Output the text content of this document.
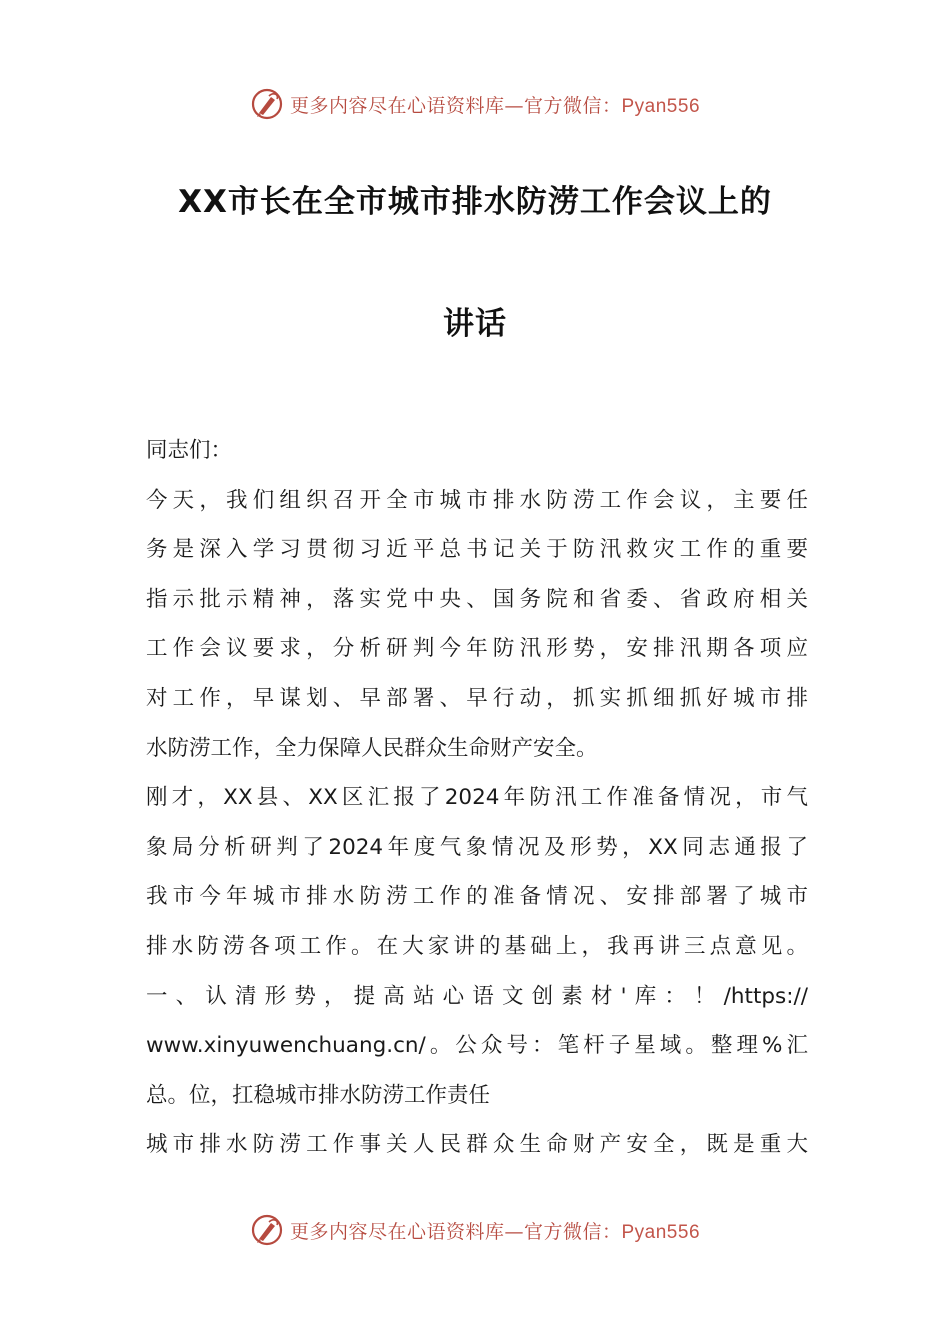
更多内容尽在心语资料库—官方微信：Pyan556
XX市长在全市城市排水防涝工作会议上的
讲话
同志们：
今天，我们组织召开全市城市排水防涝工作会议，主要任
务是深入学习贯彻习近平总书记关于防汛救灾工作的重要
指示批示精神，落实党中央、国务院和省委、省政府相关
工作会议要求，分析研判今年防汛形势，安排汛期各项应
对工作，早谋划、早部署、早行动，抓实抓细抓好城市排
水防涝工作，全力保障人民群众生命财产安全。
刚才，XX县、XX区汇报了2024年防汛工作准备情况，市气
象局分析研判了2024年度气象情况及形势，XX同志通报了
我市今年城市排水防涝工作的准备情况、安排部署了城市
排水防涝各项工作。在大家讲的基础上，我再讲三点意见。
一、认清形势，提高站心语文创素材'库：！/https://
www.xinyuwenchuang.cn/。公众号：笔杆子星域。整理%汇
总。位，扛稳城市排水防涝工作责任
城市排水防涝工作事关人民群众生命财产安全，既是重大
更多内容尽在心语资料库—官方微信：Pyan556
